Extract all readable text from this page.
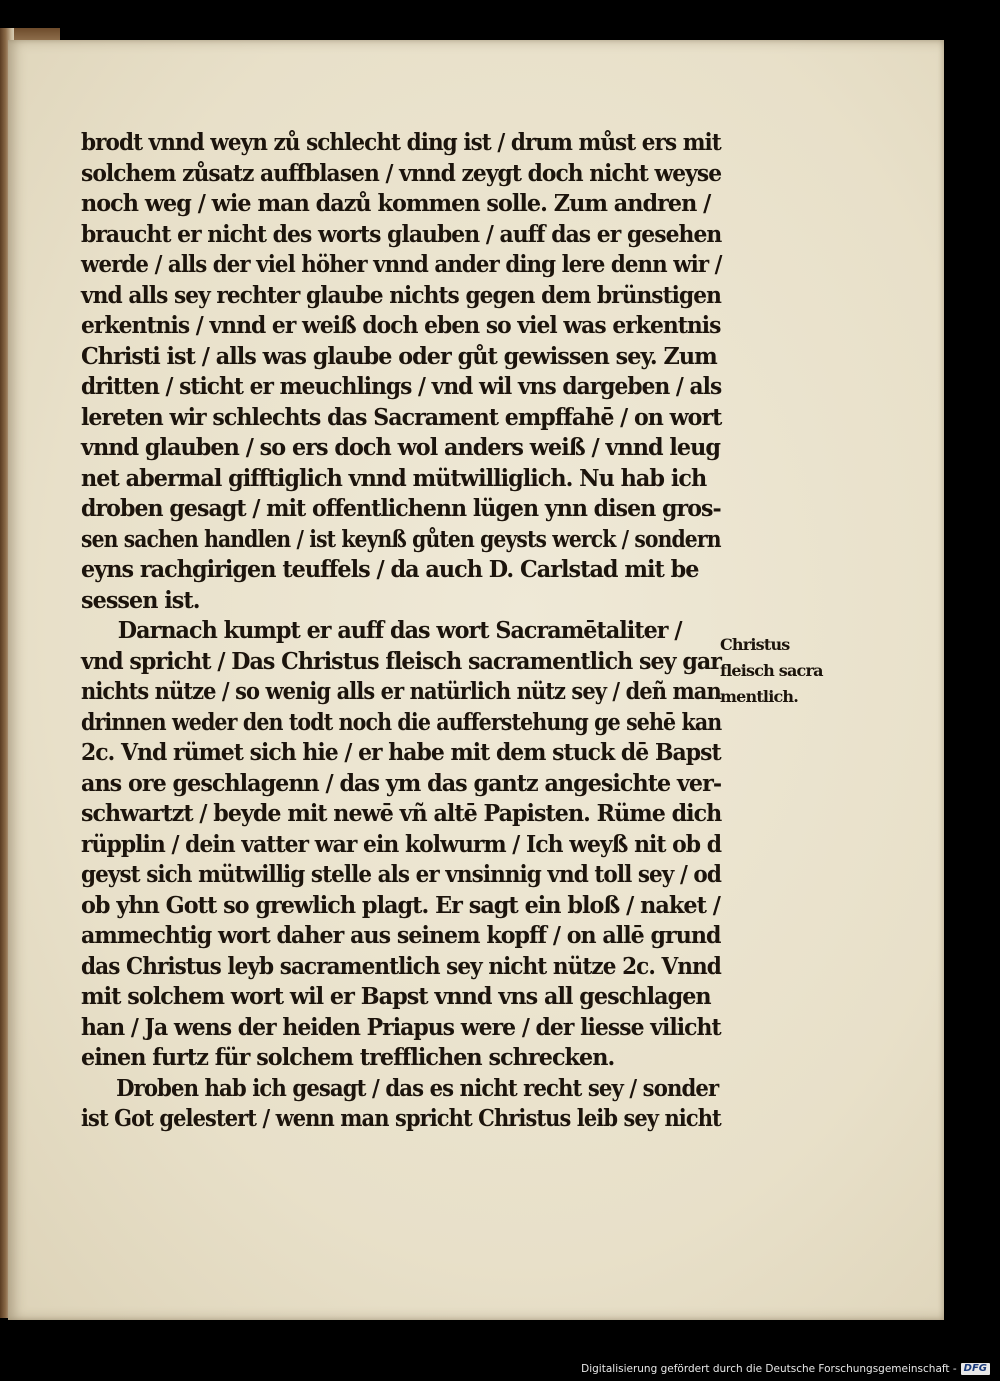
brodt vnnd weyn zů schlecht ding ist / drum můst ers mit
solchem zůsatz auffblasen / vnnd zeygt doch nicht weyse
noch weg / wie man dazů kommen solle. Zum andren /
braucht er nicht des worts glauben / auff das er gesehen
werde / alls der viel höher vnnd ander ding lere denn wir /
vnd alls sey rechter glaube nichts gegen dem brünstigen
erkentnis / vnnd er weiß doch eben so viel was erkentnis
Christi ist / alls was glaube oder gůt gewissen sey. Zum
dritten / sticht er meuchlings / vnd wil vns dargeben / als
lereten wir schlechts das Sacrament empffahē / on wort
vnnd glauben / so ers doch wol anders weiß / vnnd leug
net abermal gifftiglich vnnd mütwilliglich. Nu hab ich
droben gesagt / mit offentlichenn lügen ynn disen gros-
sen sachen handlen / ist keynß gůten geysts werck / sondern
eyns rachgirigen teuffels / da auch D. Carlstad mit be
sessen ist.
Darnach kumpt er auff das wort Sacramētaliter /
vnd spricht / Das Christus fleisch sacramentlich sey gar
nichts nütze / so wenig alls er natürlich nütz sey / deñ man
drinnen weder den todt noch die aufferstehung ge sehē kan
2c. Vnd rümet sich hie / er habe mit dem stuck dē Bapst
ans ore geschlagenn / das ym das gantz angesichte ver-
schwartzt / beyde mit newē vñ altē Papisten. Rüme dich
rüpplin / dein vatter war ein kolwurm / Ich weyß nit ob d
geyst sich mütwillig stelle als er vnsinnig vnd toll sey / od
ob yhn Gott so grewlich plagt. Er sagt ein bloß / naket /
ammechtig wort daher aus seinem kopff / on allē grund
das Christus leyb sacramentlich sey nicht nütze 2c. Vnnd
mit solchem wort wil er Bapst vnnd vns all geschlagen
han / Ja wens der heiden Priapus were / der liesse vilicht
einen furtz für solchem trefflichen schrecken.
Droben hab ich gesagt / das es nicht recht sey / sonder
ist Got gelestert / wenn man spricht Christus leib sey nicht
Christus
fleisch sacra
mentlich.
Digitalisierung gefördert durch die Deutsche Forschungsgemeinschaft - DFG
